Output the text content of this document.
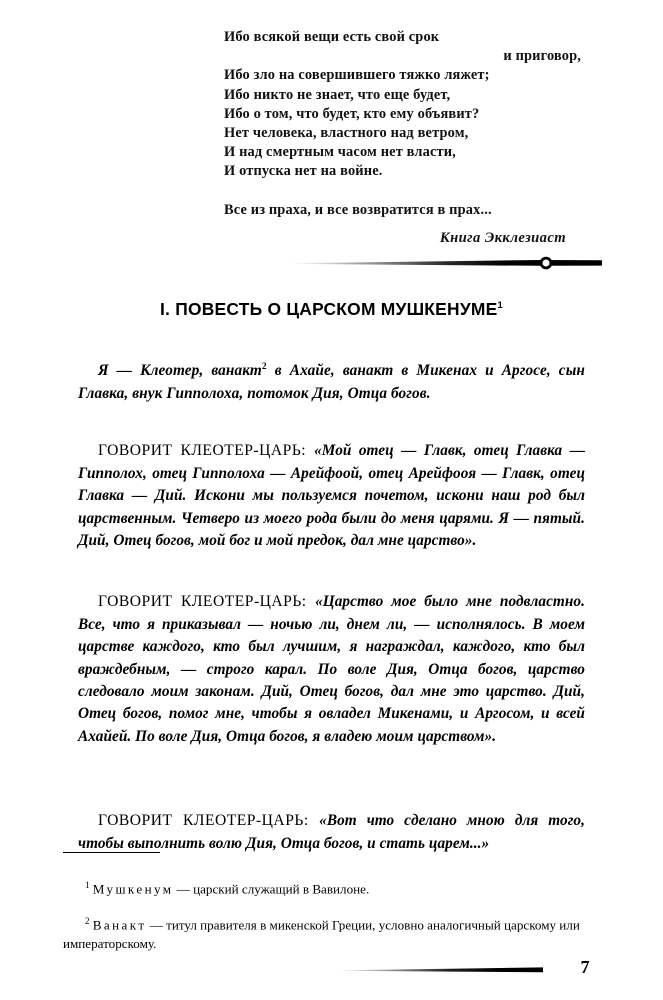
Ибо всякой вещи есть свой срок
и приговор,
Ибо зло на совершившего тяжко ляжет;
Ибо никто не знает, что еще будет,
Ибо о том, что будет, кто ему объявит?
Нет человека, властного над ветром,
И над смертным часом нет власти,
И отпуска нет на войне.
Все из праха, и все возвратится в прах...
Книга Экклезиаст
I. ПОВЕСТЬ О ЦАРСКОМ МУШКЕНУМЕ$^1$

Я — Клеотер, ванакт$^2$ в Ахайе, ванакт в Микенах и Аргосе, сын Главка, внук Гипполоха, потомок Дия, Отца богов.

ГОВОРИТ КЛЕОТЕР-ЦАРЬ: «Мой отец — Главк, отец Главка — Гипполох, отец Гипполоха — Арейфоой, отец Арейфооя — Главк, отец Главка — Дий. Искони мы пользуемся почетом, искони наш род был царственным. Четверо из моего рода были до меня царями. Я — пятый. Дий, Отец богов, мой бог и мой предок, дал мне царство».

ГОВОРИТ КЛЕОТЕР-ЦАРЬ: «Царство мое было мне подвластно. Все, что я приказывал — ночью ли, днем ли, — исполнялось. В моем царстве каждого, кто был лучшим, я награждал, каждого, кто был враждебным, — строго карал. По воле Дия, Отца богов, царство следовало моим законам. Дий, Отец богов, дал мне это царство. Дий, Отец богов, помог мне, чтобы я овладел Микенами, и Аргосом, и всей Ахайей. По воле Дия, Отца богов, я владею моим царством».

ГОВОРИТ КЛЕОТЕР-ЦАРЬ: «Вот что сделано мною для того, чтобы выполнить волю Дия, Отца богов, и стать царем...»

$^1$ Мушкенум — царский служащий в Вавилоне.

$^2$ Ванакт — титул правителя в микенской Греции, условно аналогичный царскому или императорскому.

7
